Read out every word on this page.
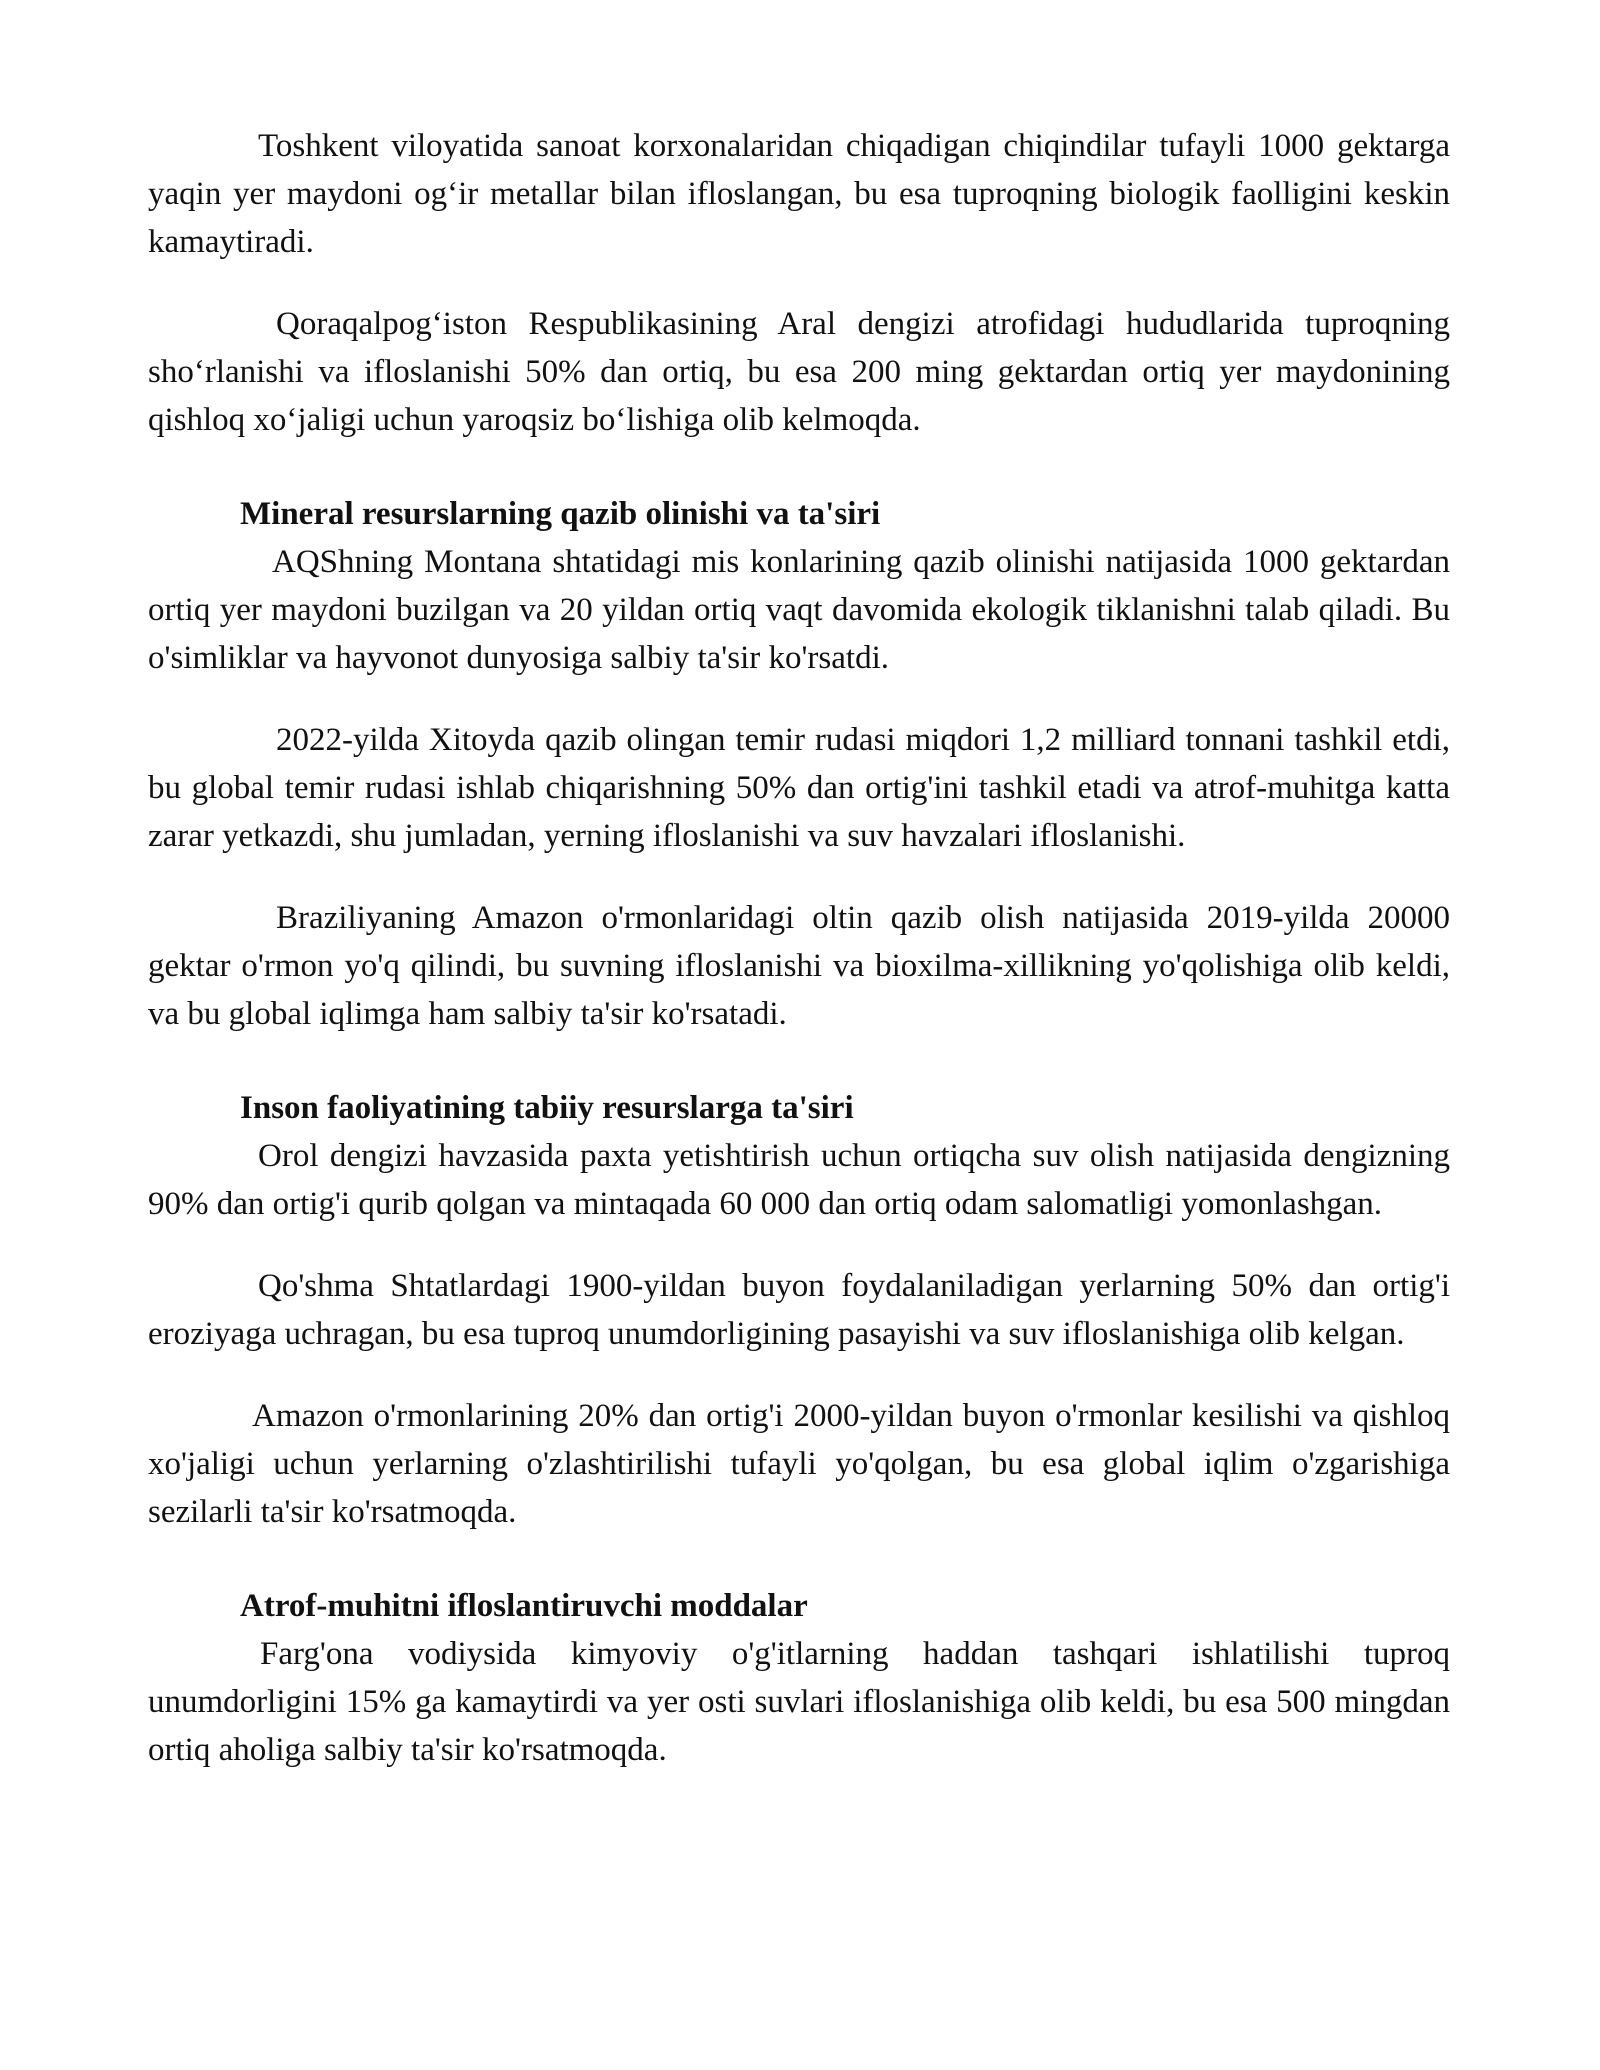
Toshkent viloyatida sanoat korxonalaridan chiqadigan chiqindilar tufayli 1000 gektarga yaqin yer maydoni og‘ir metallar bilan ifloslangan, bu esa tuproqning biologik faolligini keskin kamaytiradi.

Qoraqalpog‘iston Respublikasining Aral dengizi atrofidagi hududlarida tuproqning sho‘rlanishi va ifloslanishi 50% dan ortiq, bu esa 200 ming gektardan ortiq yer maydonining qishloq xo‘jaligi uchun yaroqsiz bo‘lishiga olib kelmoqda.

Mineral resurslarning qazib olinishi va ta'siri

AQShning Montana shtatidagi mis konlarining qazib olinishi natijasida 1000 gektardan ortiq yer maydoni buzilgan va 20 yildan ortiq vaqt davomida ekologik tiklanishni talab qiladi. Bu o'simliklar va hayvonot dunyosiga salbiy ta'sir ko'rsatdi.

2022-yilda Xitoyda qazib olingan temir rudasi miqdori 1,2 milliard tonnani tashkil etdi, bu global temir rudasi ishlab chiqarishning 50% dan ortig'ini tashkil etadi va atrof-muhitga katta zarar yetkazdi, shu jumladan, yerning ifloslanishi va suv havzalari ifloslanishi.

Braziliyaning Amazon o'rmonlaridagi oltin qazib olish natijasida 2019-yilda 20000 gektar o'rmon yo'q qilindi, bu suvning ifloslanishi va bioxilma-xillikning yo'qolishiga olib keldi, va bu global iqlimga ham salbiy ta'sir ko'rsatadi.

Inson faoliyatining tabiiy resurslarga ta'siri

Orol dengizi havzasida paxta yetishtirish uchun ortiqcha suv olish natijasida dengizning 90% dan ortig'i qurib qolgan va mintaqada 60 000 dan ortiq odam salomatligi yomonlashgan.

Qo'shma Shtatlardagi 1900-yildan buyon foydalaniladigan yerlarning 50% dan ortig'i eroziyaga uchragan, bu esa tuproq unumdorligining pasayishi va suv ifloslanishiga olib kelgan.

Amazon o'rmonlarining 20% dan ortig'i 2000-yildan buyon o'rmonlar kesilishi va qishloq xo'jaligi uchun yerlarning o'zlashtirilishi tufayli yo'qolgan, bu esa global iqlim o'zgarishiga sezilarli ta'sir ko'rsatmoqda.

Atrof-muhitni ifloslantiruvchi moddalar

Farg'ona vodiysida kimyoviy o'g'itlarning haddan tashqari ishlatilishi tuproq unumdorligini 15% ga kamaytirdi va yer osti suvlari ifloslanishiga olib keldi, bu esa 500 mingdan ortiq aholiga salbiy ta'sir ko'rsatmoqda.
